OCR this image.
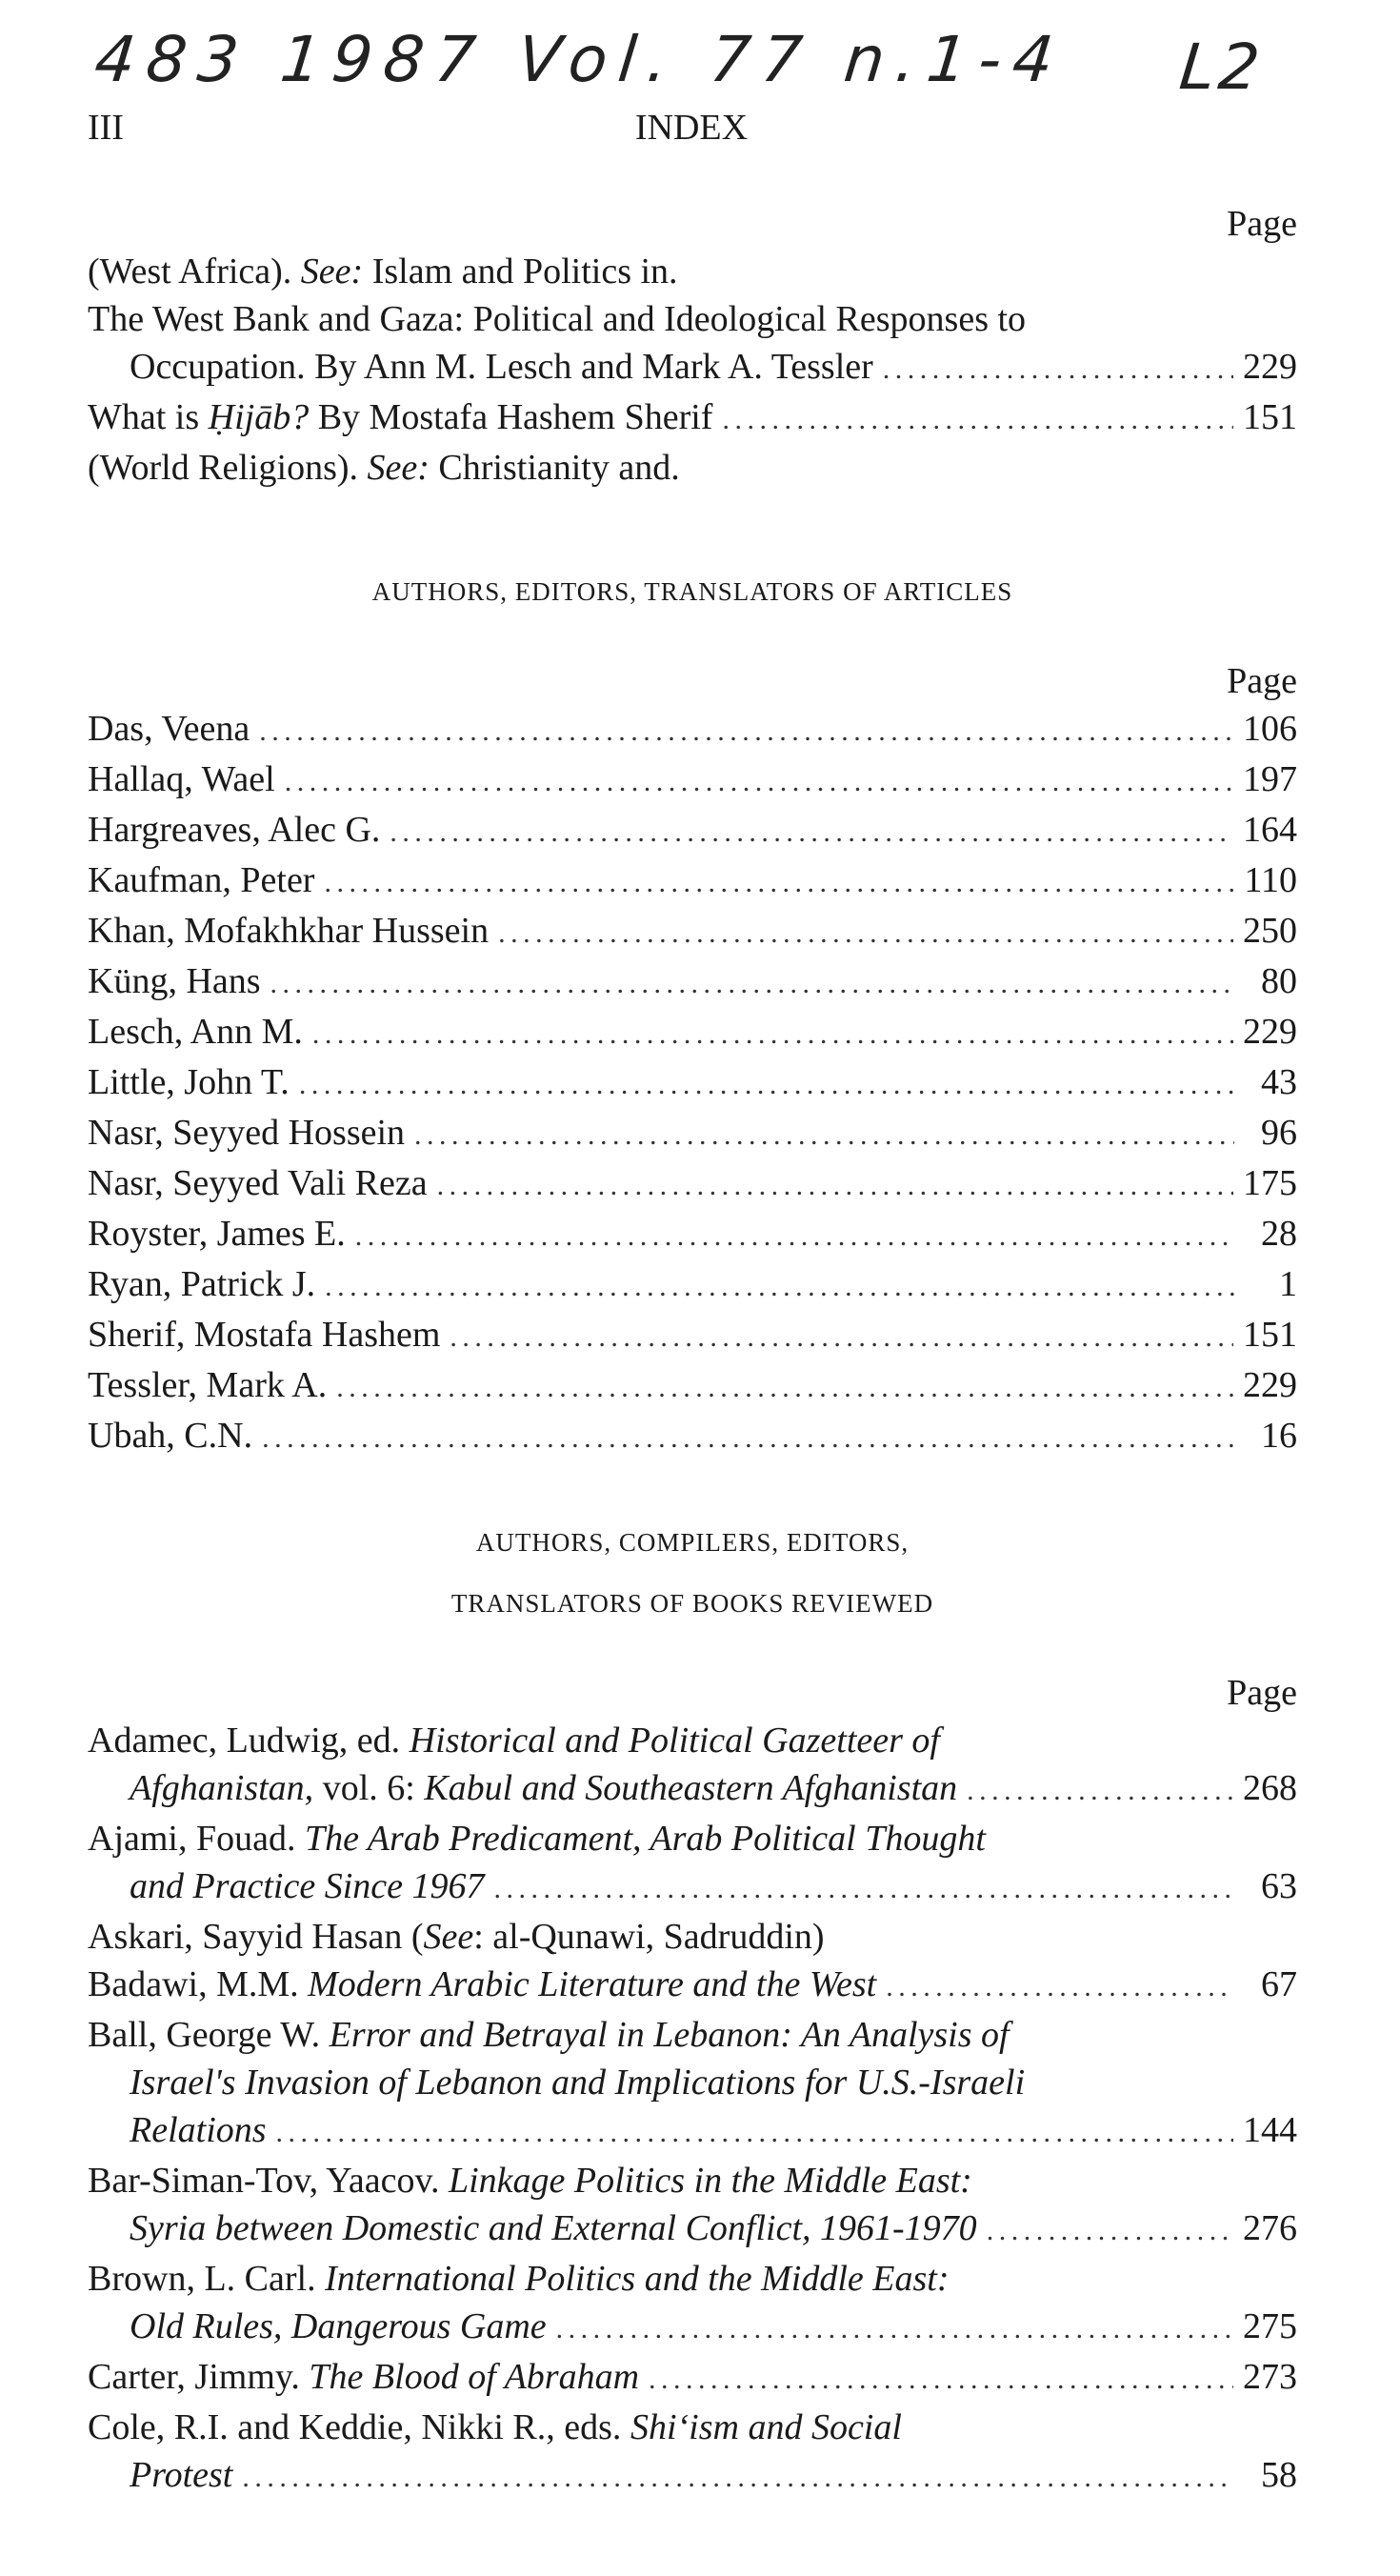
483 1987 Vol. 77 n.1-4 L2
III	INDEX
Page
(West Africa). See: Islam and Politics in.
The West Bank and Gaza: Political and Ideological Responses to
Occupation. By Ann M. Lesch and Mark A. Tessler . . .	229
What is Ḥijāb? By Mostafa Hashem Sherif . . .	151
(World Religions). See: Christianity and.
AUTHORS, EDITORS, TRANSLATORS OF ARTICLES
Page
Das, Veena . . .	106
Hallaq, Wael . . .	197
Hargreaves, Alec G. . . .	164
Kaufman, Peter . . .	110
Khan, Mofakhkhar Hussein . . .	250
Küng, Hans . . .	80
Lesch, Ann M. . . .	229
Little, John T. . . .	43
Nasr, Seyyed Hossein . . .	96
Nasr, Seyyed Vali Reza . . .	175
Royster, James E. . . .	28
Ryan, Patrick J. . . .	1
Sherif, Mostafa Hashem . . .	151
Tessler, Mark A. . . .	229
Ubah, C.N. . . .	16
AUTHORS, COMPILERS, EDITORS,
TRANSLATORS OF BOOKS REVIEWED
Page
Adamec, Ludwig, ed. Historical and Political Gazetteer of
Afghanistan, vol. 6: Kabul and Southeastern Afghanistan . . .	268
Ajami, Fouad. The Arab Predicament, Arab Political Thought
and Practice Since 1967 . . .	63
Askari, Sayyid Hasan (See: al-Qunawi, Sadruddin)
Badawi, M.M. Modern Arabic Literature and the West . . .	67
Ball, George W. Error and Betrayal in Lebanon: An Analysis of
Israel's Invasion of Lebanon and Implications for U.S.-Israeli
Relations . . .	144
Bar-Siman-Tov, Yaacov. Linkage Politics in the Middle East:
Syria between Domestic and External Conflict, 1961-1970 . . .	276
Brown, L. Carl. International Politics and the Middle East:
Old Rules, Dangerous Game . . .	275
Carter, Jimmy. The Blood of Abraham . . .	273
Cole, R.I. and Keddie, Nikki R., eds. Shi‘ism and Social
Protest . . .	58
